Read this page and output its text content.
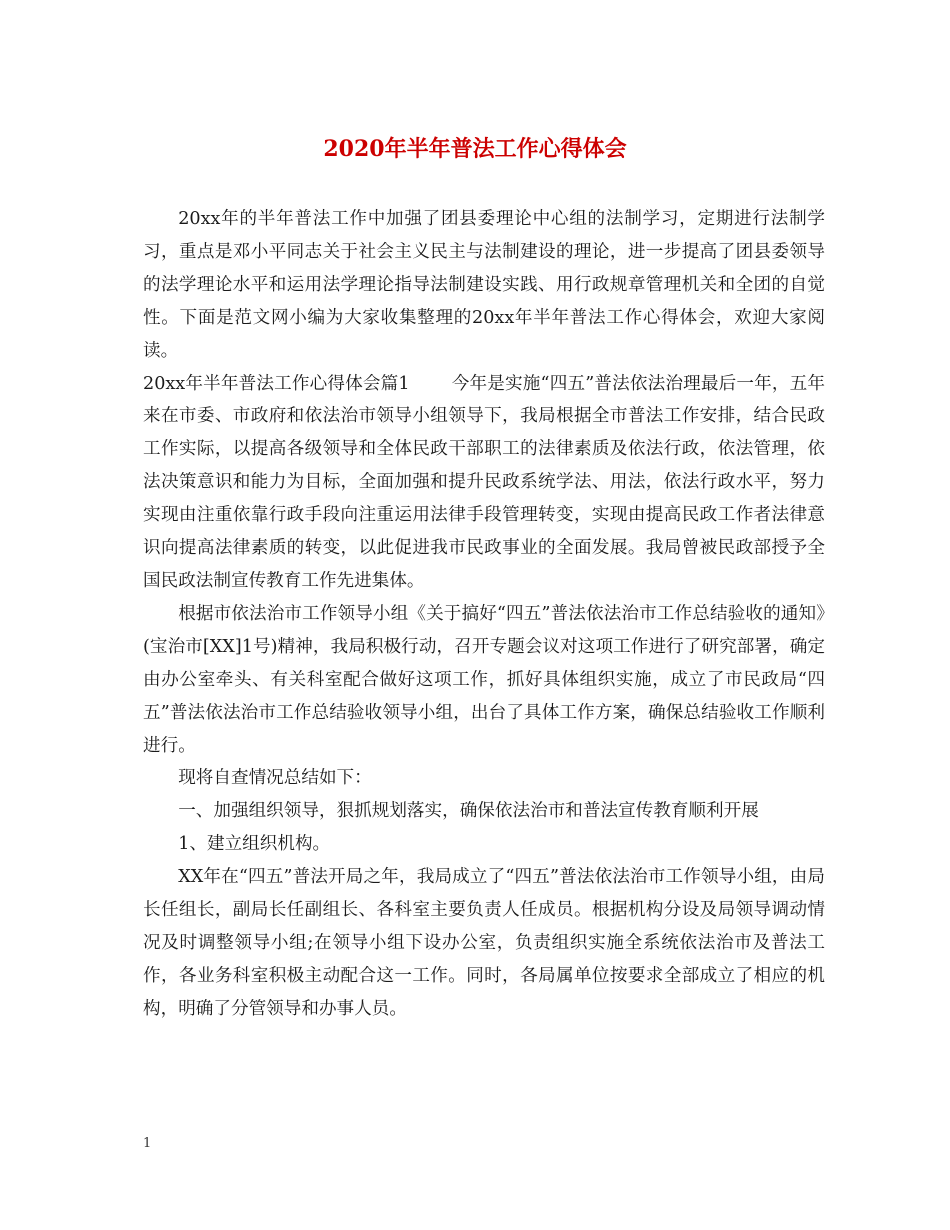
2020年半年普法工作心得体会

20xx年的半年普法工作中加强了团县委理论中心组的法制学习，定期进行法制学习，重点是邓小平同志关于社会主义民主与法制建设的理论，进一步提高了团县委领导的法学理论水平和运用法学理论指导法制建设实践、用行政规章管理机关和全团的自觉性。下面是范文网小编为大家收集整理的20xx年半年普法工作心得体会，欢迎大家阅读。

20xx年半年普法工作心得体会篇1 今年是实施“四五”普法依法治理最后一年，五年来在市委、市政府和依法治市领导小组领导下，我局根据全市普法工作安排，结合民政工作实际，以提高各级领导和全体民政干部职工的法律素质及依法行政，依法管理，依法决策意识和能力为目标，全面加强和提升民政系统学法、用法，依法行政水平，努力实现由注重依靠行政手段向注重运用法律手段管理转变，实现由提高民政工作者法律意识向提高法律素质的转变，以此促进我市民政事业的全面发展。我局曾被民政部授予全国民政法制宣传教育工作先进集体。

根据市依法治市工作领导小组《关于搞好“四五”普法依法治市工作总结验收的通知》(宝治市[XX]1号)精神，我局积极行动，召开专题会议对这项工作进行了研究部署，确定由办公室牵头、有关科室配合做好这项工作，抓好具体组织实施，成立了市民政局“四五”普法依法治市工作总结验收领导小组，出台了具体工作方案，确保总结验收工作顺利进行。

现将自查情况总结如下：

一、加强组织领导，狠抓规划落实，确保依法治市和普法宣传教育顺利开展

1、建立组织机构。

XX年在“四五”普法开局之年，我局成立了“四五”普法依法治市工作领导小组，由局长任组长，副局长任副组长、各科室主要负责人任成员。根据机构分设及局领导调动情况及时调整领导小组;在领导小组下设办公室，负责组织实施全系统依法治市及普法工作，各业务科室积极主动配合这一工作。同时，各局属单位按要求全部成立了相应的机构，明确了分管领导和办事人员。

1
